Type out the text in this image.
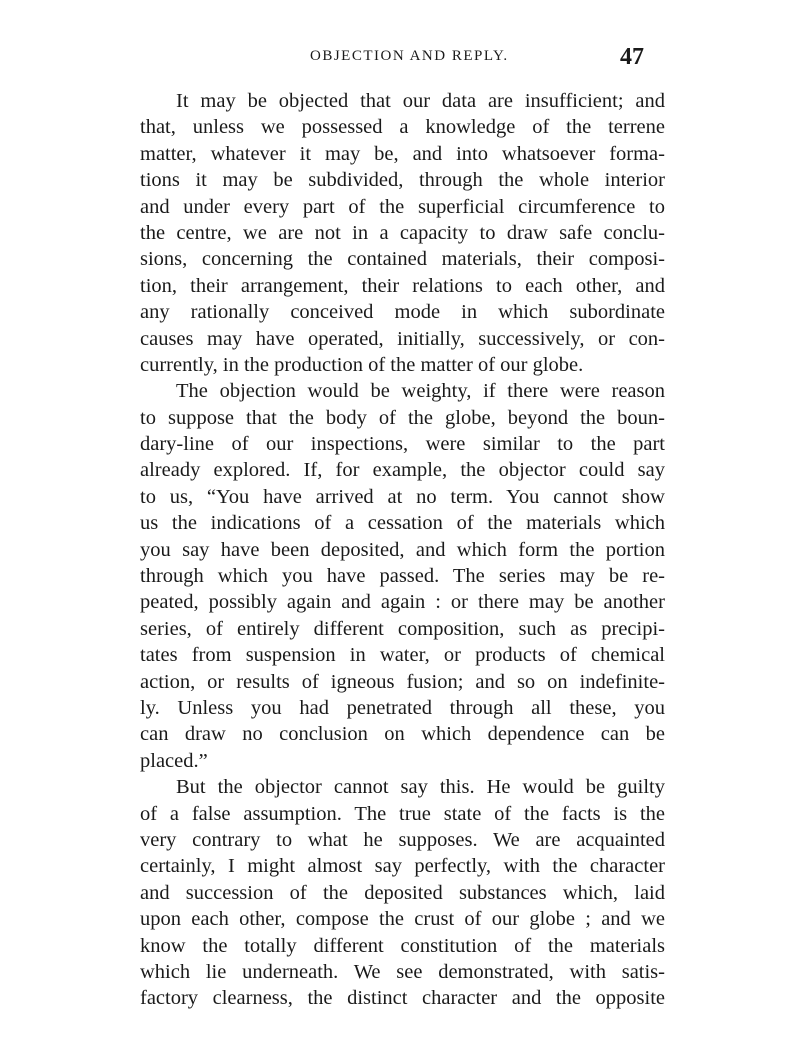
OBJECTION AND REPLY.	47
It may be objected that our data are insufficient; and
that, unless we possessed a knowledge of the terrene
matter, whatever it may be, and into whatsoever forma-
tions it may be subdivided, through the whole interior
and under every part of the superficial circumference to
the centre, we are not in a capacity to draw safe conclu-
sions, concerning the contained materials, their composi-
tion, their arrangement, their relations to each other, and
any rationally conceived mode in which subordinate
causes may have operated, initially, successively, or con-
currently, in the production of the matter of our globe.
The objection would be weighty, if there were reason
to suppose that the body of the globe, beyond the boun-
dary-line of our inspections, were similar to the part
already explored. If, for example, the objector could say
to us, “You have arrived at no term. You cannot show
us the indications of a cessation of the materials which
you say have been deposited, and which form the portion
through which you have passed. The series may be re-
peated, possibly again and again : or there may be another
series, of entirely different composition, such as precipi-
tates from suspension in water, or products of chemical
action, or results of igneous fusion; and so on indefinite-
ly. Unless you had penetrated through all these, you
can draw no conclusion on which dependence can be
placed.”
But the objector cannot say this. He would be guilty
of a false assumption. The true state of the facts is the
very contrary to what he supposes. We are acquainted
certainly, I might almost say perfectly, with the character
and succession of the deposited substances which, laid
upon each other, compose the crust of our globe ; and we
know the totally different constitution of the materials
which lie underneath. We see demonstrated, with satis-
factory clearness, the distinct character and the opposite
